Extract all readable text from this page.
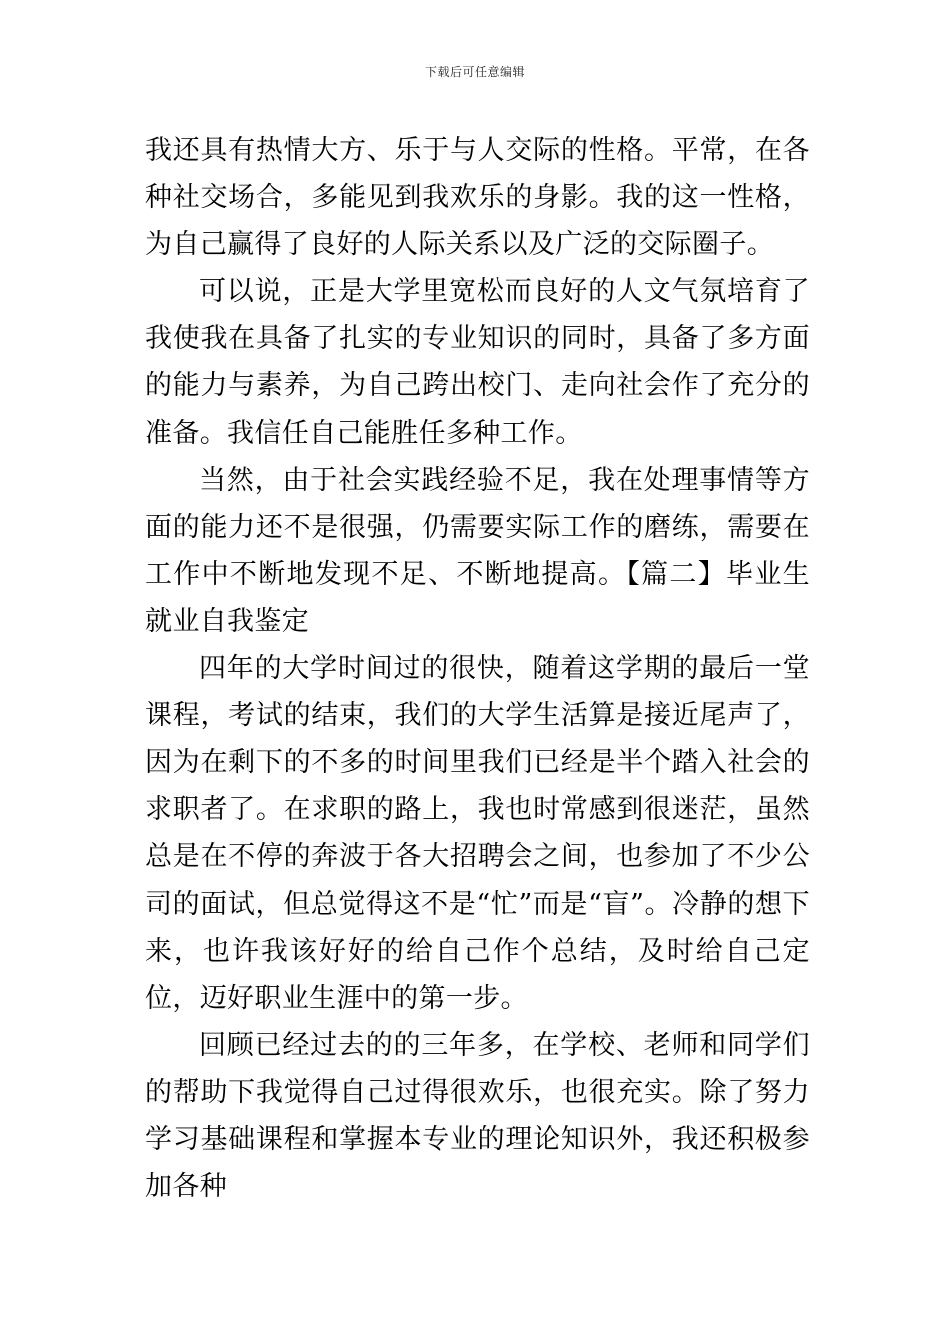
下载后可任意编辑

我还具有热情大方、乐于与人交际的性格。平常，在各种社交场合，多能见到我欢乐的身影。我的这一性格，为自己赢得了良好的人际关系以及广泛的交际圈子。

可以说，正是大学里宽松而良好的人文气氛培育了我使我在具备了扎实的专业知识的同时，具备了多方面的能力与素养，为自己跨出校门、走向社会作了充分的准备。我信任自己能胜任多种工作。

当然，由于社会实践经验不足，我在处理事情等方面的能力还不是很强，仍需要实际工作的磨练，需要在工作中不断地发现不足、不断地提高。【篇二】毕业生就业自我鉴定

四年的大学时间过的很快，随着这学期的最后一堂课程，考试的结束，我们的大学生活算是接近尾声了，因为在剩下的不多的时间里我们已经是半个踏入社会的求职者了。在求职的路上，我也时常感到很迷茫，虽然总是在不停的奔波于各大招聘会之间，也参加了不少公司的面试，但总觉得这不是“忙”而是“盲”。冷静的想下来，也许我该好好的给自己作个总结，及时给自己定位，迈好职业生涯中的第一步。

回顾已经过去的的三年多，在学校、老师和同学们的帮助下我觉得自己过得很欢乐，也很充实。除了努力学习基础课程和掌握本专业的理论知识外，我还积极参加各种
